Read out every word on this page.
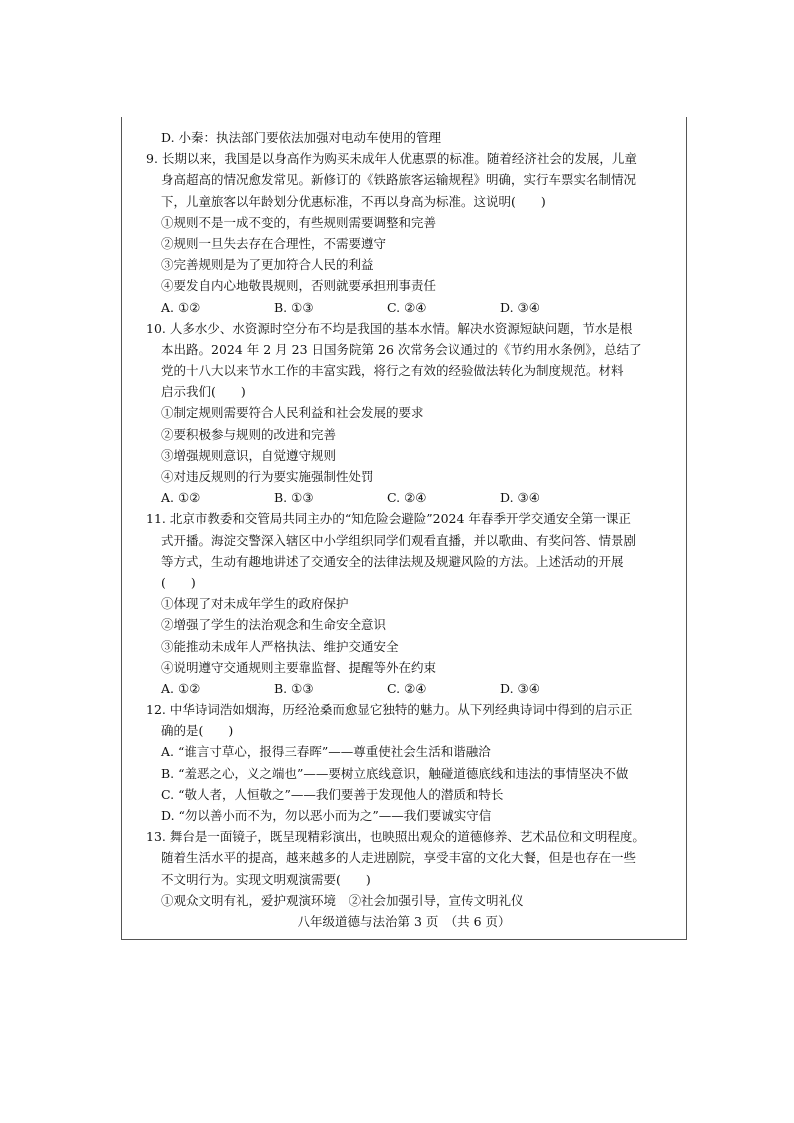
D. 小秦：执法部门要依法加强对电动车使用的管理
9. 长期以来，我国是以身高作为购买未成年人优惠票的标准。随着经济社会的发展，儿童
身高超高的情况愈发常见。新修订的《铁路旅客运输规程》明确，实行车票实名制情况
下，儿童旅客以年龄划分优惠标准，不再以身高为标准。这说明(　　)
①规则不是一成不变的，有些规则需要调整和完善
②规则一旦失去存在合理性，不需要遵守
③完善规则是为了更加符合人民的利益
④要发自内心地敬畏规则，否则就要承担刑事责任
A. ①②	B. ①③	C. ②④	D. ③④
10. 人多水少、水资源时空分布不均是我国的基本水情。解决水资源短缺问题，节水是根
本出路。2024 年 2 月 23 日国务院第 26 次常务会议通过的《节约用水条例》，总结了
党的十八大以来节水工作的丰富实践，将行之有效的经验做法转化为制度规范。材料
启示我们(　　)
①制定规则需要符合人民利益和社会发展的要求
②要积极参与规则的改进和完善
③增强规则意识，自觉遵守规则
④对违反规则的行为要实施强制性处罚
A. ①②	B. ①③	C. ②④	D. ③④
11. 北京市教委和交管局共同主办的“知危险会避险”2024 年春季开学交通安全第一课正
式开播。海淀交警深入辖区中小学组织同学们观看直播，并以歌曲、有奖问答、情景剧
等方式，生动有趣地讲述了交通安全的法律法规及规避风险的方法。上述活动的开展
(　　)
①体现了对未成年学生的政府保护
②增强了学生的法治观念和生命安全意识
③能推动未成年人严格执法、维护交通安全
④说明遵守交通规则主要靠监督、提醒等外在约束
A. ①②	B. ①③	C. ②④	D. ③④
12. 中华诗词浩如烟海，历经沧桑而愈显它独特的魅力。从下列经典诗词中得到的启示正
确的是(　　)
A. “谁言寸草心，报得三春晖”——尊重使社会生活和谐融洽
B. “羞恶之心，义之端也”——要树立底线意识，触碰道德底线和违法的事情坚决不做
C. “敬人者，人恒敬之”——我们要善于发现他人的潜质和特长
D. “勿以善小而不为，勿以恶小而为之”——我们要诚实守信
13. 舞台是一面镜子，既呈现精彩演出，也映照出观众的道德修养、艺术品位和文明程度。
随着生活水平的提高，越来越多的人走进剧院，享受丰富的文化大餐，但是也存在一些
不文明行为。实现文明观演需要(　　)
①观众文明有礼，爱护观演环境　②社会加强引导，宣传文明礼仪
八年级道德与法治第 3 页　（共 6 页）
